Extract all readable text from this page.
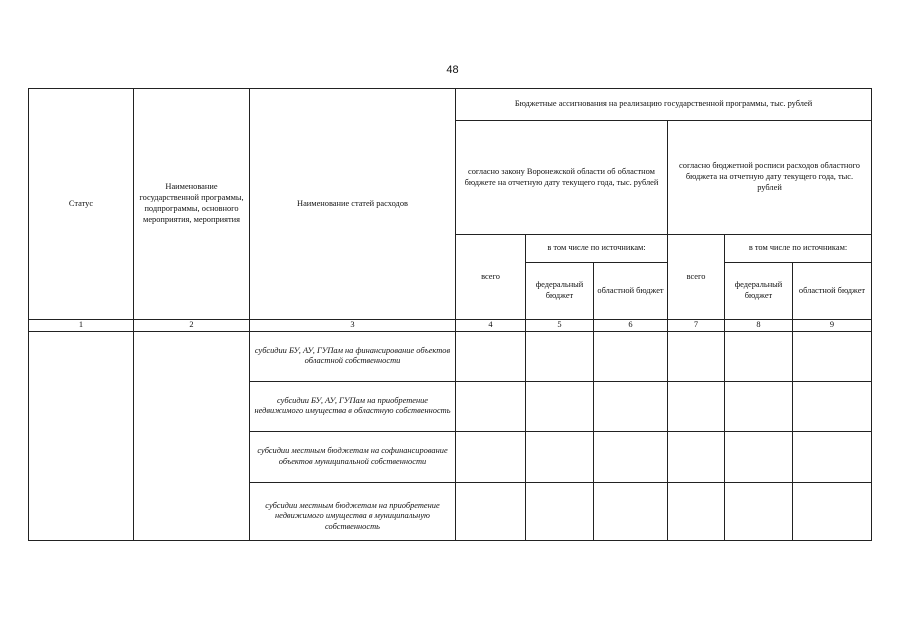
48
Статус	Наименование государственной программы, подпрограммы, основного мероприятия, мероприятия	Наименование статей расходов	Бюджетные ассигнования на реализацию государственной программы, тыс. рублей					
			согласно закону Воронежской области об областном бюджете на отчетную дату текущего года, тыс. рублей			согласно бюджетной росписи расходов областного бюджета на отчетную дату текущего года, тыс. рублей		
			всего	в том числе по источникам:		всего	в том числе по источникам:	
				федеральный бюджет	областной бюджет		федеральный бюджет	областной бюджет
1	2	3	4	5	6	7	8	9
		субсидии БУ, АУ, ГУПам на финансирование объектов областной собственности						
		субсидии БУ, АУ, ГУПам на приобретение недвижимого имущества в областную собственность						
		субсидии местным бюджетам на софинансирование объектов муниципальной собственности						
		субсидии местным бюджетам на приобретение недвижимого имущества в муниципальную собственность						
